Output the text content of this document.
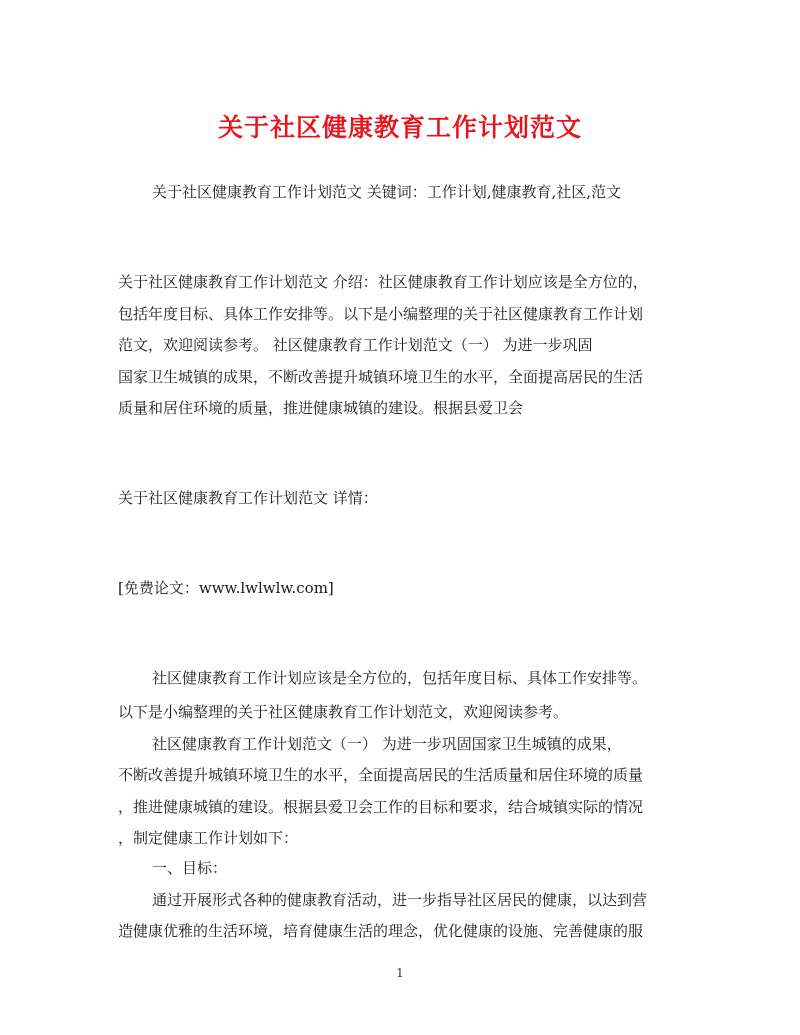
关于社区健康教育工作计划范文
关于社区健康教育工作计划范文 关键词：工作计划,健康教育,社区,范文
关于社区健康教育工作计划范文 介绍：社区健康教育工作计划应该是全方位的，
包括年度目标、具体工作安排等。以下是小编整理的关于社区健康教育工作计划
范文，欢迎阅读参考。 社区健康教育工作计划范文（一） 为进一步巩固
国家卫生城镇的成果，不断改善提升城镇环境卫生的水平，全面提高居民的生活
质量和居住环境的质量，推进健康城镇的建设。根据县爱卫会
关于社区健康教育工作计划范文 详情：
[免费论文：www.lwlwlw.com]
社区健康教育工作计划应该是全方位的，包括年度目标、具体工作安排等。
以下是小编整理的关于社区健康教育工作计划范文，欢迎阅读参考。
社区健康教育工作计划范文（一） 为进一步巩固国家卫生城镇的成果，
不断改善提升城镇环境卫生的水平，全面提高居民的生活质量和居住环境的质量
，推进健康城镇的建设。根据县爱卫会工作的目标和要求，结合城镇实际的情况
，制定健康工作计划如下：
一、目标：
通过开展形式各种的健康教育活动，进一步指导社区居民的健康，以达到营
造健康优雅的生活环境，培育健康生活的理念，优化健康的设施、完善健康的服
1
